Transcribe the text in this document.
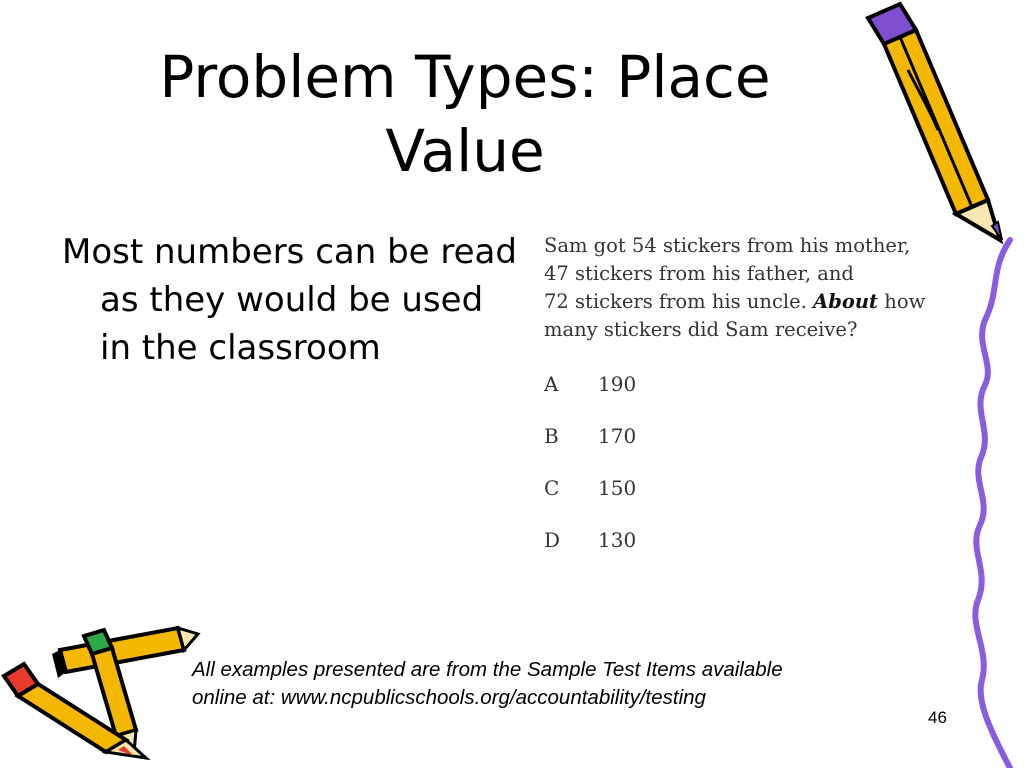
Problem Types: Place Value
Most numbers can be read as they would be used in the classroom
Sam got 54 stickers from his mother,
47 stickers from his father, and
72 stickers from his uncle. About how
many stickers did Sam receive?
A 190
B 170
C 150
D 130
All examples presented are from the Sample Test Items available
online at: www.ncpublicschools.org/accountability/testing
46
